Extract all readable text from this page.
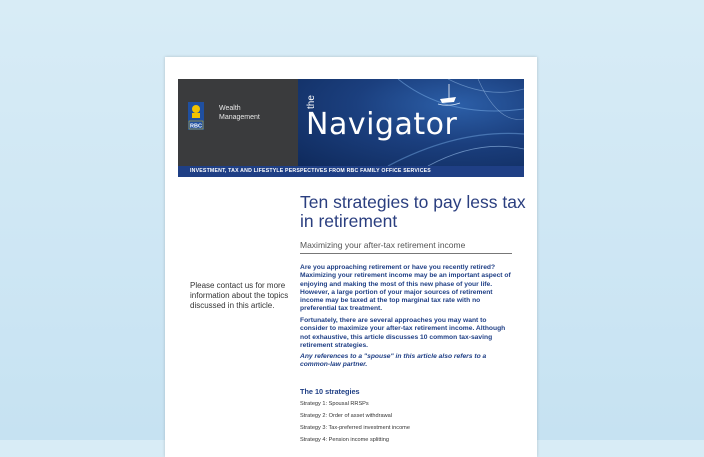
RBC
Wealth
Management
the
Navigator
INVESTMENT, TAX AND LIFESTYLE PERSPECTIVES FROM RBC FAMILY OFFICE SERVICES
Please contact us for more information about the topics discussed in this article.
Ten strategies to pay less tax in retirement
Maximizing your after-tax retirement income
Are you approaching retirement or have you recently retired? Maximizing your retirement income may be an important aspect of enjoying and making the most of this new phase of your life. However, a large portion of your major sources of retirement income may be taxed at the top marginal tax rate with no preferential tax treatment.
Fortunately, there are several approaches you may want to consider to maximize your after-tax retirement income. Although not exhaustive, this article discusses 10 common tax-saving retirement strategies.
Any references to a "spouse" in this article also refers to a common-law partner.
The 10 strategies
Strategy 1: Spousal RRSPs
Strategy 2: Order of asset withdrawal
Strategy 3: Tax-preferred investment income
Strategy 4: Pension income splitting
